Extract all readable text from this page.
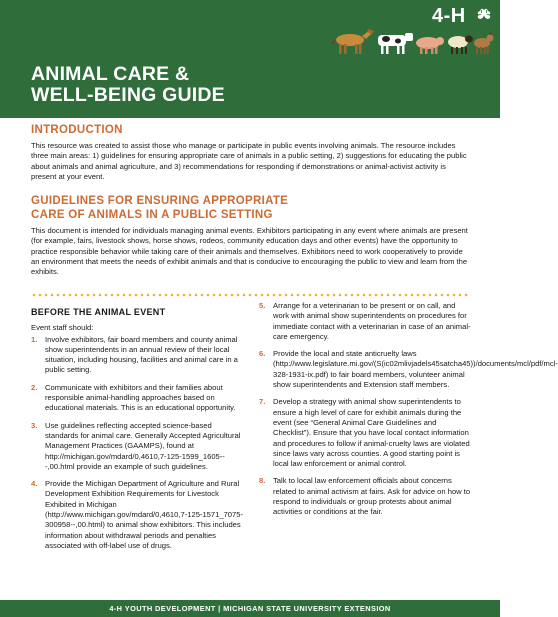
4-H
ANIMAL CARE &
WELL-BEING GUIDE
INTRODUCTION

This resource was created to assist those who manage or participate in public events involving animals. The resource includes three main areas: 1) guidelines for ensuring appropriate care of animals in a public setting, 2) suggestions for educating the public about animals and animal agriculture, and 3) recommendations for responding if demonstrations or animal-activist activity is present at your event.

GUIDELINES FOR ENSURING APPROPRIATE
CARE OF ANIMALS IN A PUBLIC SETTING

This document is intended for individuals managing animal events. Exhibitors participating in any event where animals are present (for example, fairs, livestock shows, horse shows, rodeos, community education days and other events) have the opportunity to practice responsible behavior while taking care of their animals and themselves. Exhibitors need to work cooperatively to provide an environment that meets the needs of exhibit animals and that is conducive to encouraging the public to view and learn from the exhibits.

BEFORE THE ANIMAL EVENT
Event staff should:
1. Involve exhibitors, fair board members and county animal show superintendents in an annual review of their local situation, including housing, facilities and animal care in a public setting.
2. Communicate with exhibitors and their families about responsible animal-handling approaches based on educational materials. This is an educational opportunity.
3. Use guidelines reflecting accepted science-based standards for animal care. Generally Accepted Agricultural Management Practices (GAAMPS), found at http://michigan.gov/mdard/0,4610,7-125-1599_1605---,00.html provide an example of such guidelines.
4. Provide the Michigan Department of Agriculture and Rural Development Exhibition Requirements for Livestock Exhibited in Michigan (http://www.michigan.gov/mdard/0,4610,7-125-1571_7075-300958--,00.html) to animal show exhibitors. This includes information about withdrawal periods and penalties associated with off-label use of drugs.
5. Arrange for a veterinarian to be present or on call, and work with animal show superintendents on procedures for immediate contact with a veterinarian in case of an animal-care emergency.
6. Provide the local and state anticruelty laws (http://www.legislature.mi.gov/(S(ic02mlivjadels45satcha45))/documents/mcl/pdf/mcl-328-1931-ix.pdf) to fair board members, volunteer animal show superintendents and Extension staff members.
7. Develop a strategy with animal show superintendents to ensure a high level of care for exhibit animals during the event (see “General Animal Care Guidelines and Checklist”). Ensure that you have local contact information and procedures to follow if animal-cruelty laws are violated since laws vary across counties. A good starting point is local law enforcement or animal control.
8. Talk to local law enforcement officials about concerns related to animal activism at fairs. Ask for advice on how to respond to individuals or group protests about animal activities or conditions at the fair.
4-H YOUTH DEVELOPMENT | MICHIGAN STATE UNIVERSITY EXTENSION
